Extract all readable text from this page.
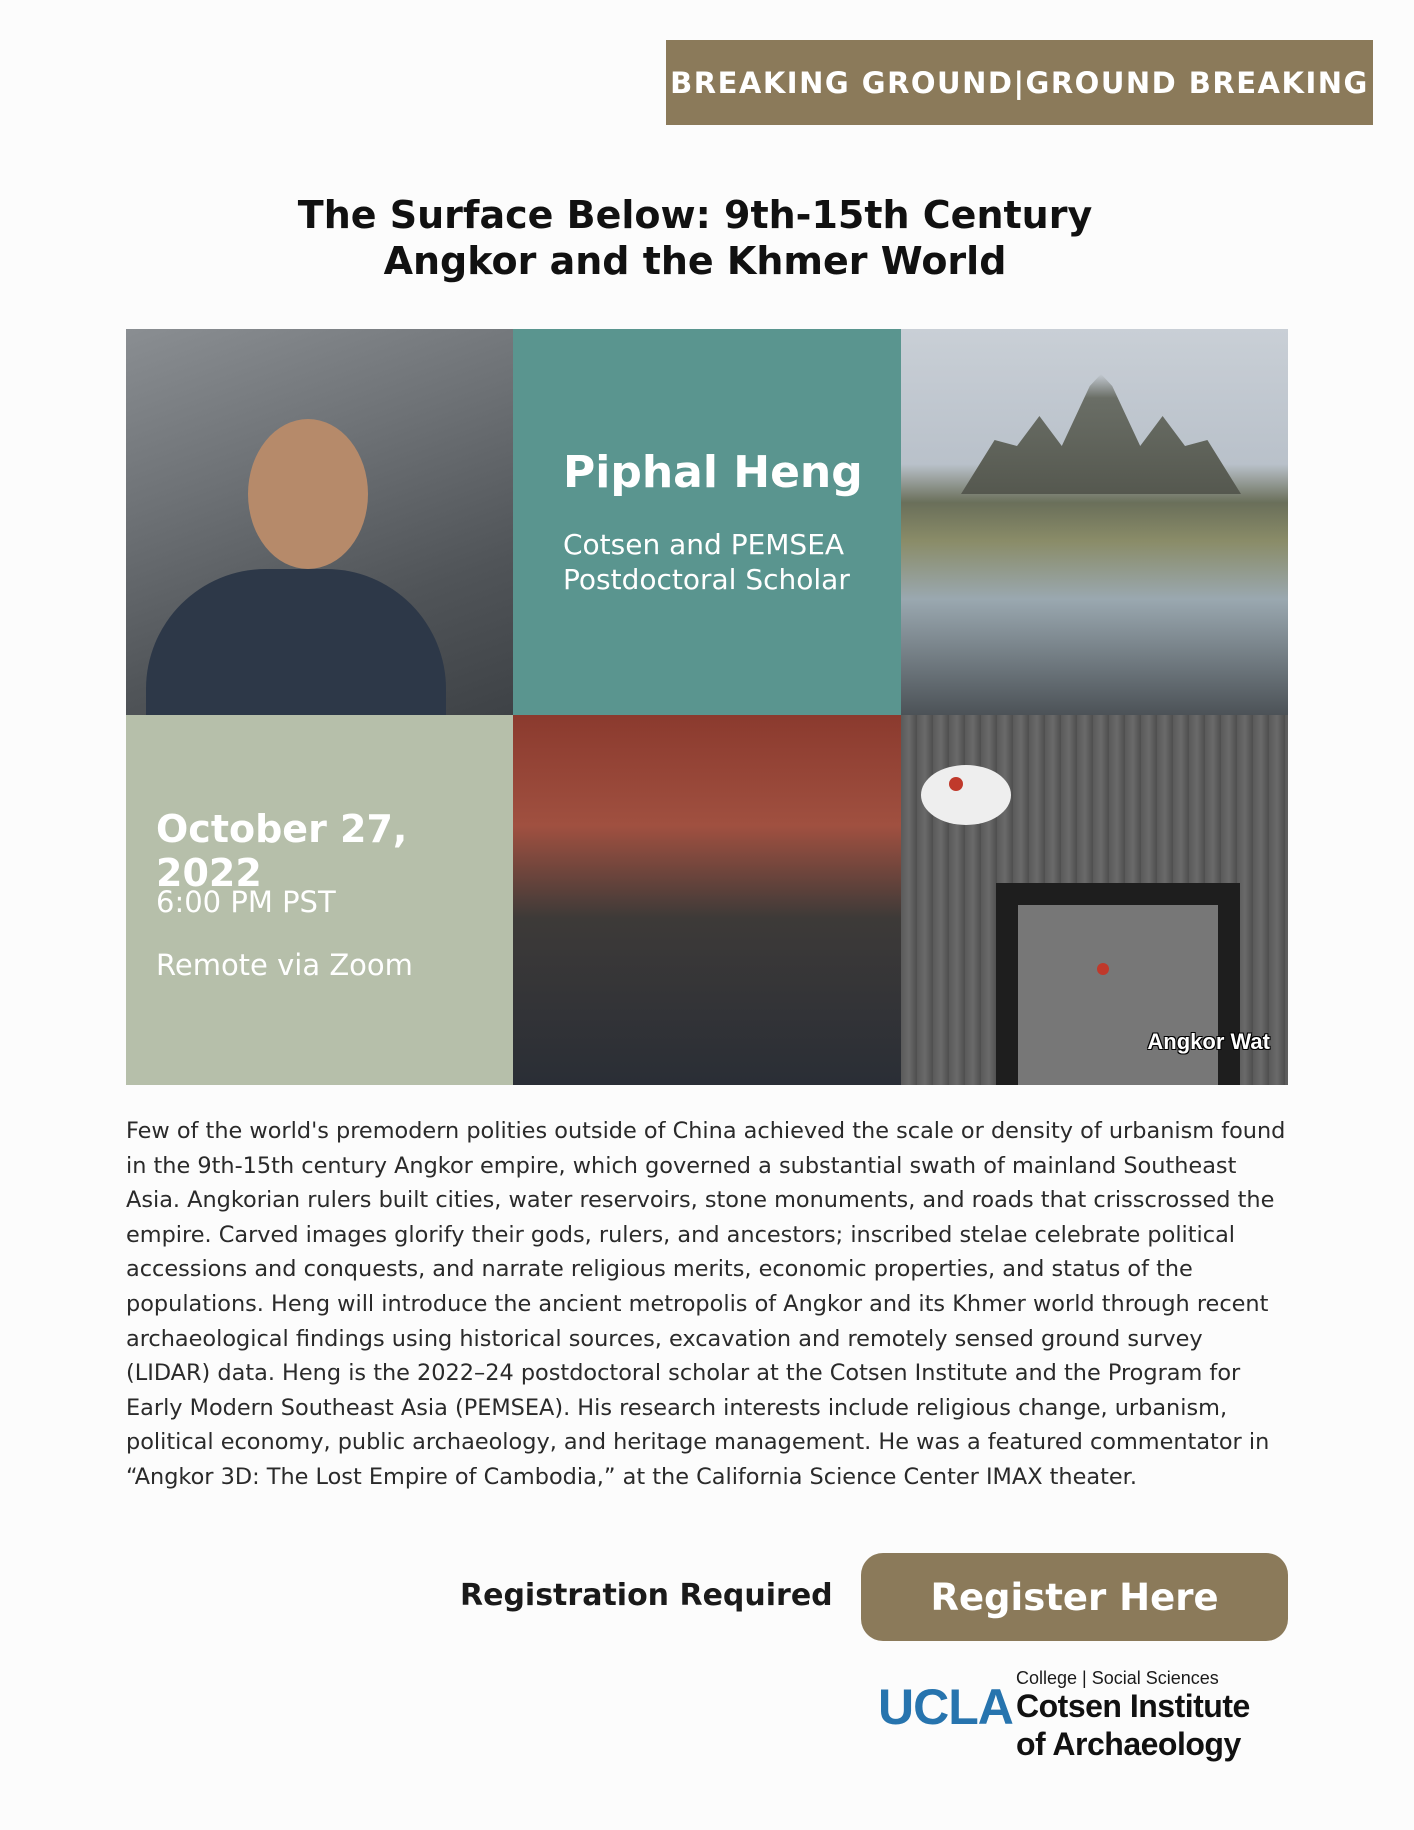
BREAKING GROUND|GROUND BREAKING
The Surface Below: 9th-15th Century
Angkor and the Khmer World
Piphal Heng
Cotsen and PEMSEA
Postdoctoral Scholar
October 27, 2022
6:00 PM PST
Remote via Zoom
Angkor Wat
Few of the world's premodern polities outside of China achieved the scale or density of urbanism found in the 9th-15th century Angkor empire, which governed a substantial swath of mainland Southeast Asia. Angkorian rulers built cities, water reservoirs, stone monuments, and roads that crisscrossed the empire. Carved images glorify their gods, rulers, and ancestors; inscribed stelae celebrate political accessions and conquests, and narrate religious merits, economic properties, and status of the populations. Heng will introduce the ancient metropolis of Angkor and its Khmer world through recent archaeological findings using historical sources, excavation and remotely sensed ground survey (LIDAR) data. Heng is the 2022–24 postdoctoral scholar at the Cotsen Institute and the Program for Early Modern Southeast Asia (PEMSEA). His research interests include religious change, urbanism, political economy, public archaeology, and heritage management. He was a featured commentator in “Angkor 3D: The Lost Empire of Cambodia,” at the California Science Center IMAX theater.
Registration Required	Register Here
UCLA
College | Social Sciences
Cotsen Institute
of Archaeology
